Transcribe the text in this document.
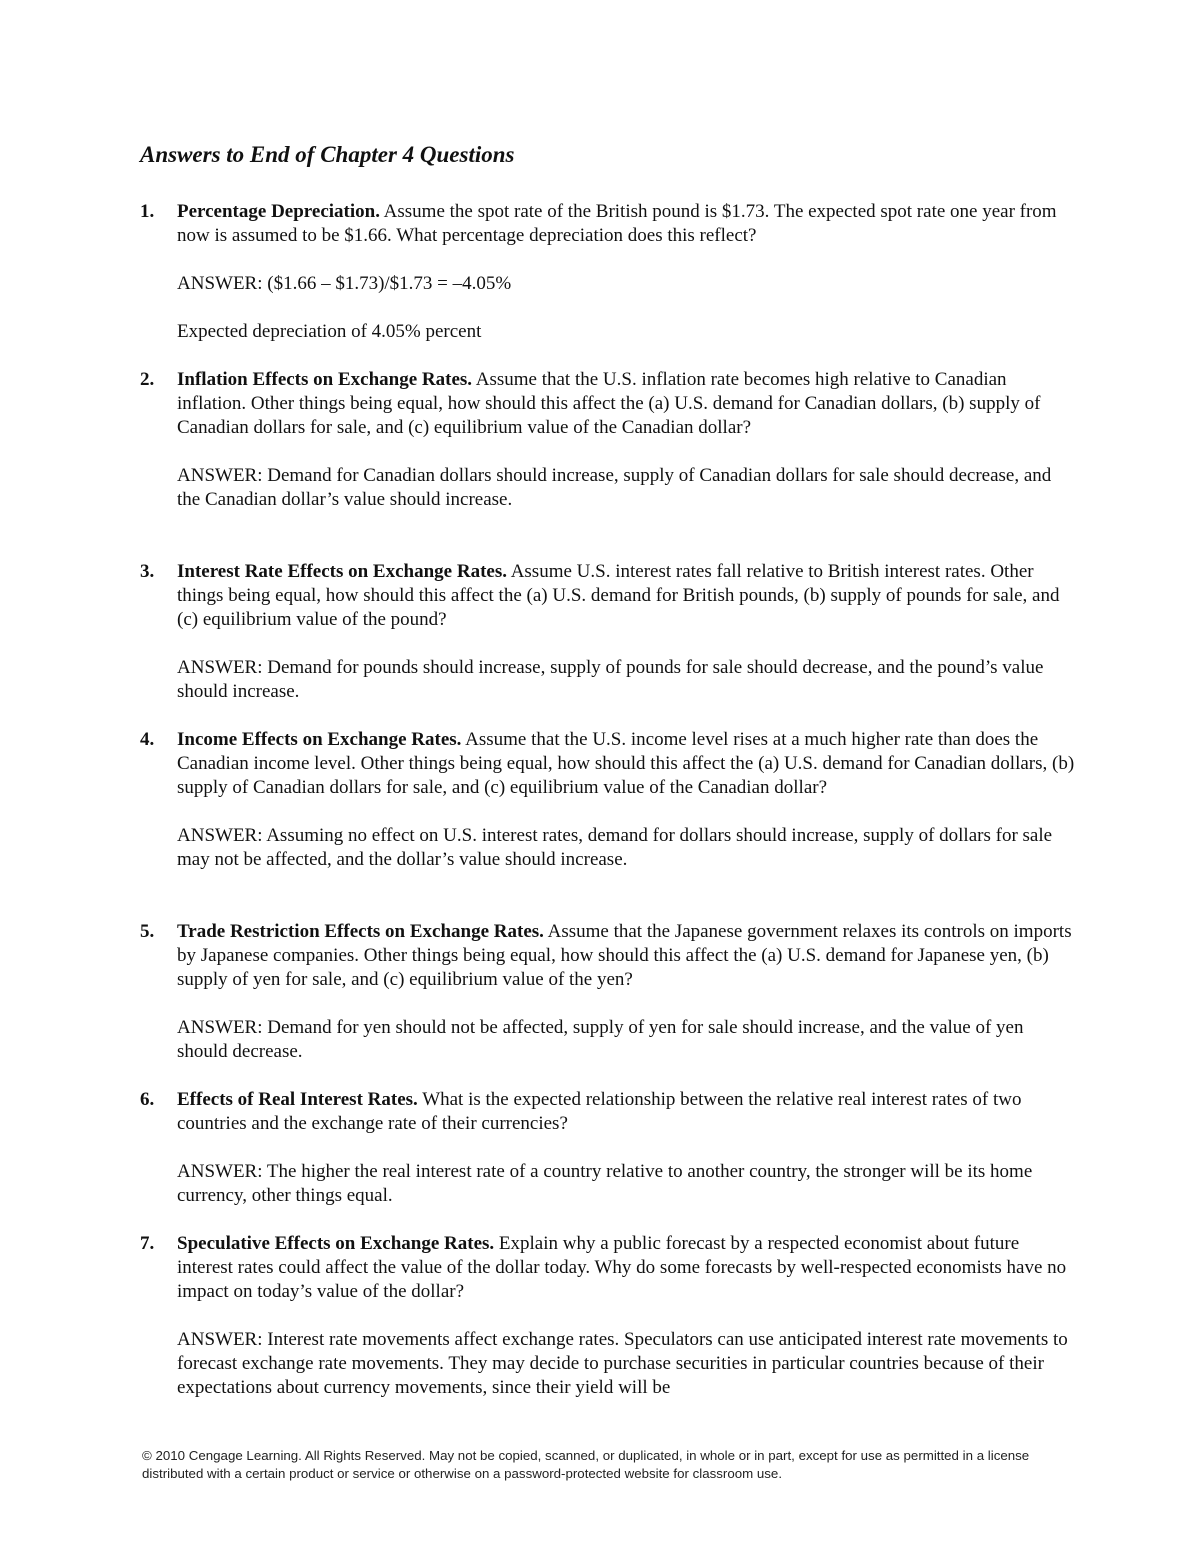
Answers to End of Chapter 4 Questions
1. Percentage Depreciation. Assume the spot rate of the British pound is $1.73. The expected spot rate one year from now is assumed to be $1.66. What percentage depreciation does this reflect?
ANSWER: ($1.66 – $1.73)/$1.73 = –4.05%
Expected depreciation of 4.05% percent
2. Inflation Effects on Exchange Rates. Assume that the U.S. inflation rate becomes high relative to Canadian inflation. Other things being equal, how should this affect the (a) U.S. demand for Canadian dollars, (b) supply of Canadian dollars for sale, and (c) equilibrium value of the Canadian dollar?
ANSWER: Demand for Canadian dollars should increase, supply of Canadian dollars for sale should decrease, and the Canadian dollar’s value should increase.
3. Interest Rate Effects on Exchange Rates. Assume U.S. interest rates fall relative to British interest rates. Other things being equal, how should this affect the (a) U.S. demand for British pounds, (b) supply of pounds for sale, and (c) equilibrium value of the pound?
ANSWER: Demand for pounds should increase, supply of pounds for sale should decrease, and the pound’s value should increase.
4. Income Effects on Exchange Rates. Assume that the U.S. income level rises at a much higher rate than does the Canadian income level. Other things being equal, how should this affect the (a) U.S. demand for Canadian dollars, (b) supply of Canadian dollars for sale, and (c) equilibrium value of the Canadian dollar?
ANSWER: Assuming no effect on U.S. interest rates, demand for dollars should increase, supply of dollars for sale may not be affected, and the dollar’s value should increase.
5. Trade Restriction Effects on Exchange Rates. Assume that the Japanese government relaxes its controls on imports by Japanese companies. Other things being equal, how should this affect the (a) U.S. demand for Japanese yen, (b) supply of yen for sale, and (c) equilibrium value of the yen?
ANSWER: Demand for yen should not be affected, supply of yen for sale should increase, and the value of yen should decrease.
6. Effects of Real Interest Rates. What is the expected relationship between the relative real interest rates of two countries and the exchange rate of their currencies?
ANSWER: The higher the real interest rate of a country relative to another country, the stronger will be its home currency, other things equal.
7. Speculative Effects on Exchange Rates. Explain why a public forecast by a respected economist about future interest rates could affect the value of the dollar today. Why do some forecasts by well-respected economists have no impact on today’s value of the dollar?
ANSWER: Interest rate movements affect exchange rates. Speculators can use anticipated interest rate movements to forecast exchange rate movements. They may decide to purchase securities in particular countries because of their expectations about currency movements, since their yield will be
© 2010 Cengage Learning. All Rights Reserved. May not be copied, scanned, or duplicated, in whole or in part, except for use as permitted in a license distributed with a certain product or service or otherwise on a password-protected website for classroom use.
